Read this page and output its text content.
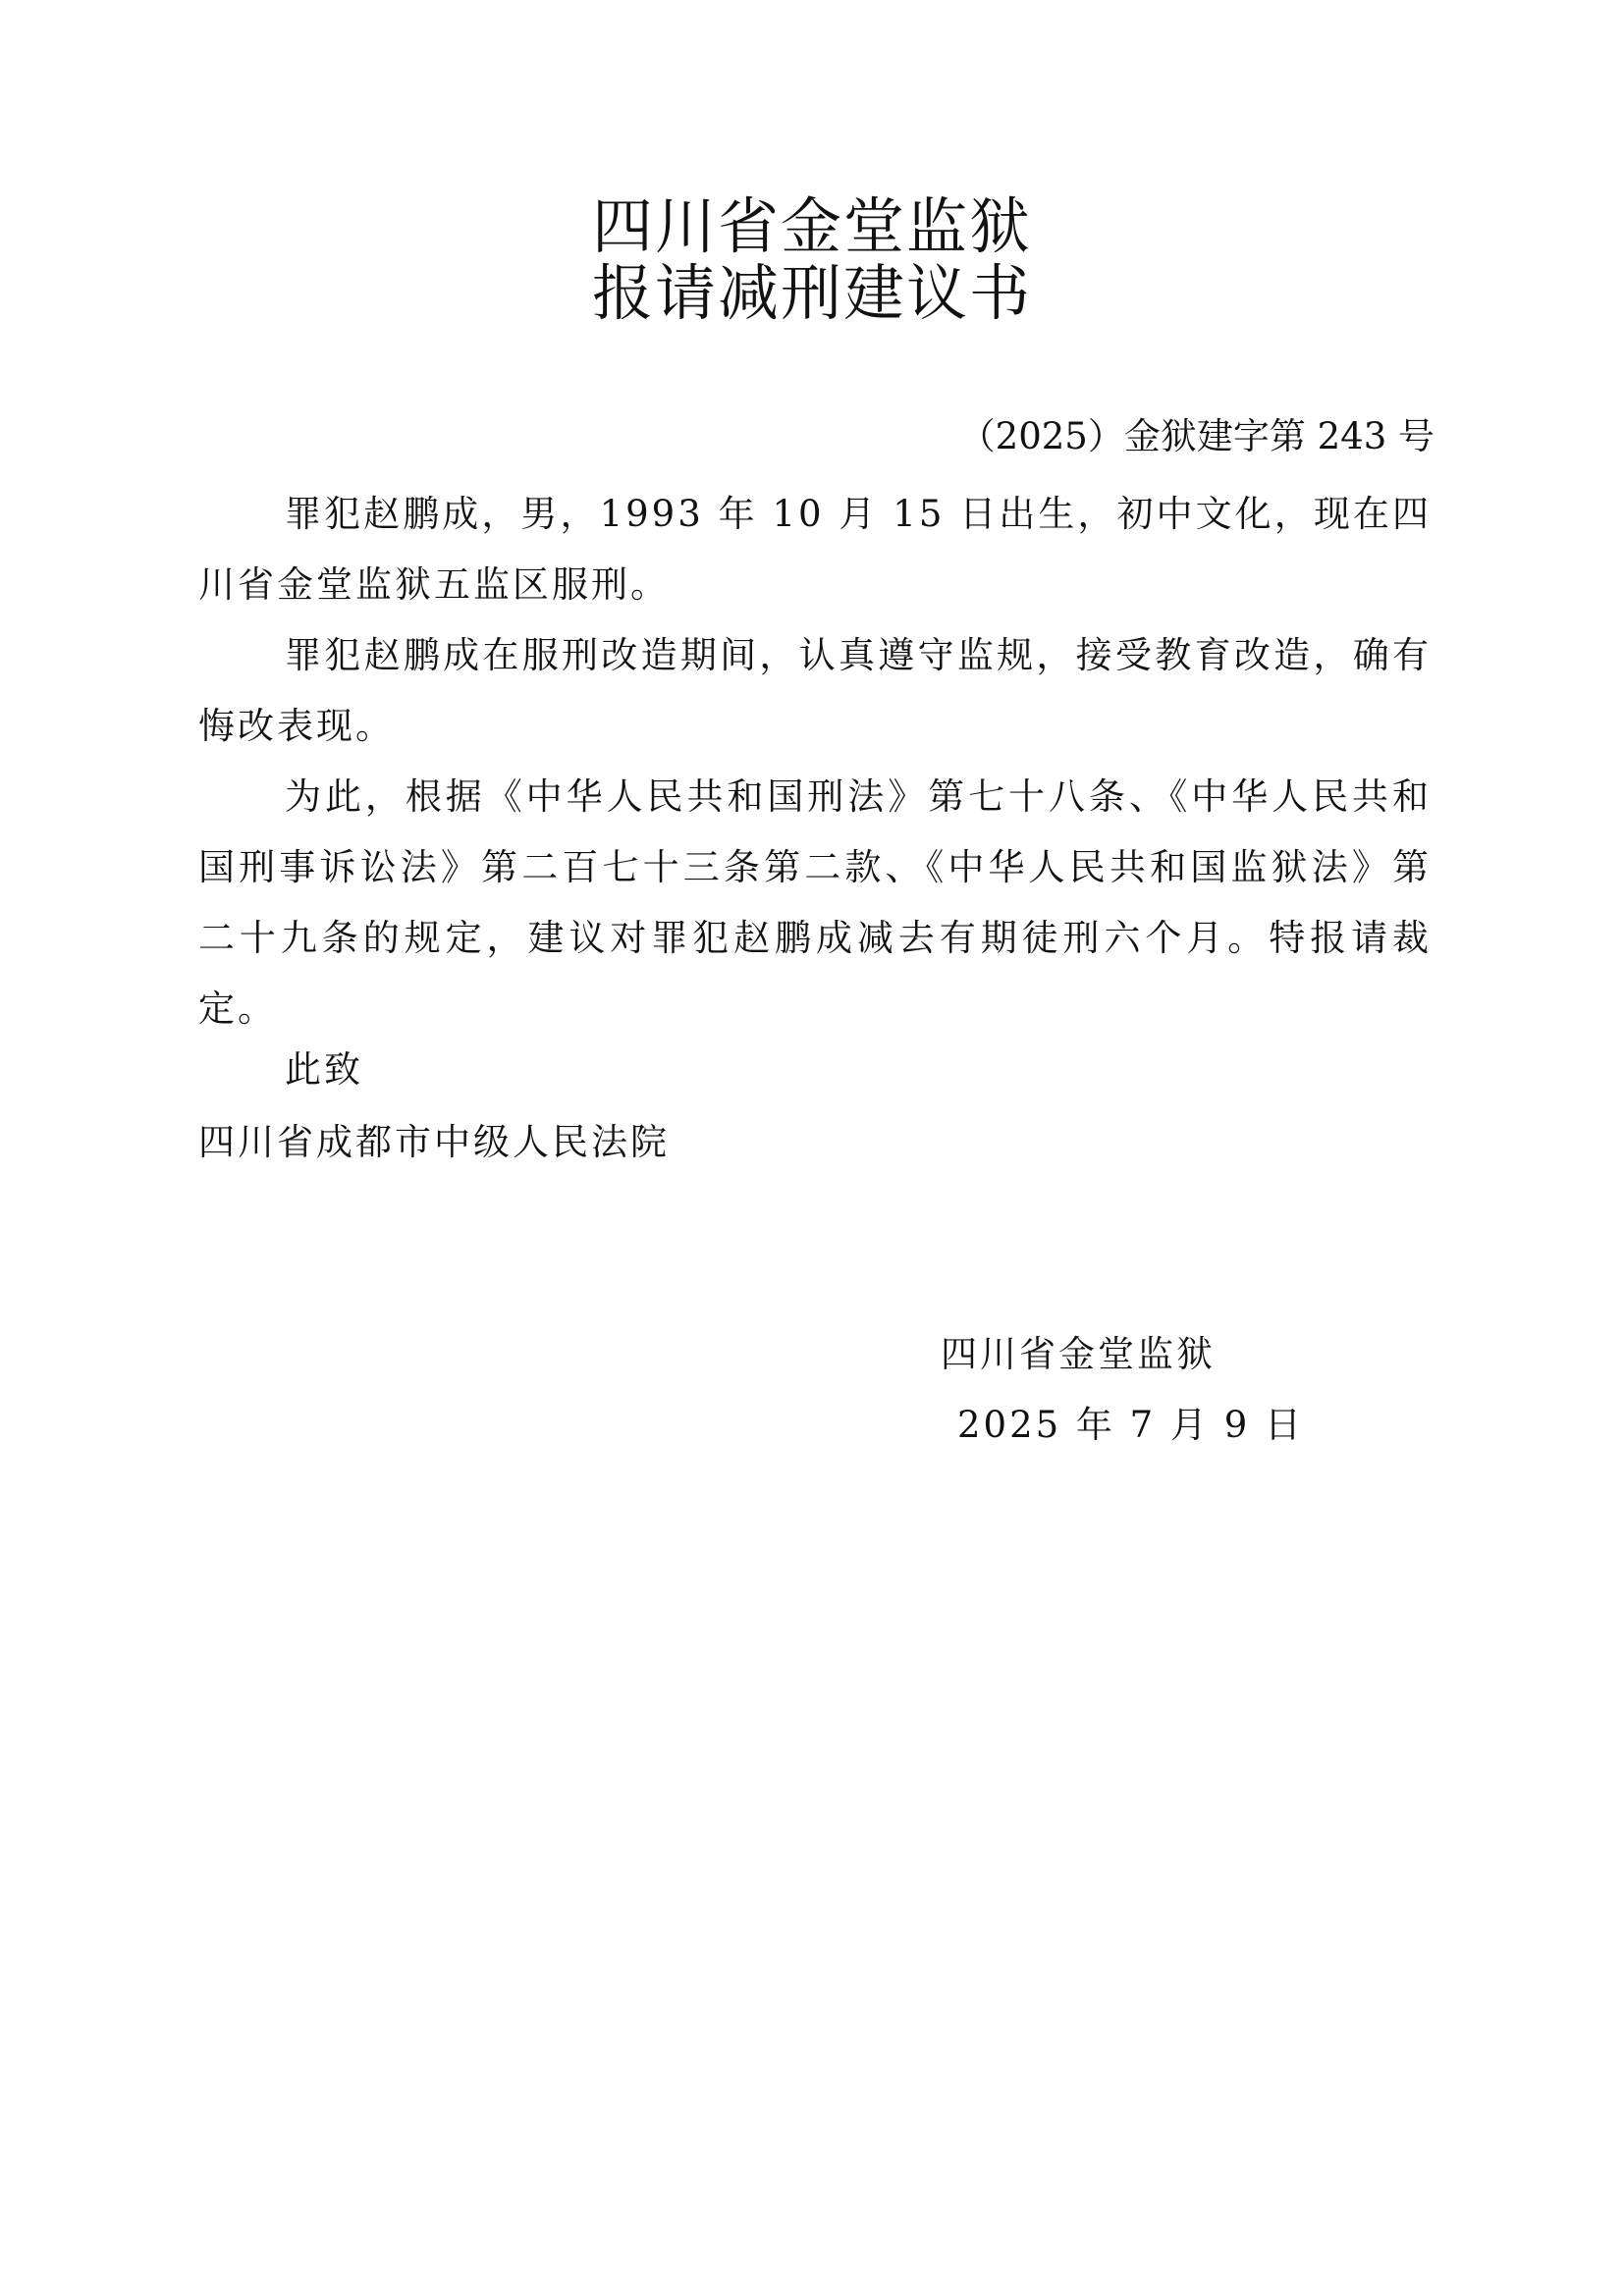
四川省金堂监狱
报请减刑建议书
（2025）金狱建字第 243 号

罪犯赵鹏成，男，1993 年 10 月 15 日出生，初中文化，现在四川省金堂监狱五监区服刑。

罪犯赵鹏成在服刑改造期间，认真遵守监规，接受教育改造，确有悔改表现。

为此，根据《中华人民共和国刑法》第七十八条、《中华人民共和国刑事诉讼法》第二百七十三条第二款、《中华人民共和国监狱法》第二十九条的规定，建议对罪犯赵鹏成减去有期徒刑六个月。特报请裁定。

此致
四川省成都市中级人民法院
四川省金堂监狱
2025 年 7 月 9 日
